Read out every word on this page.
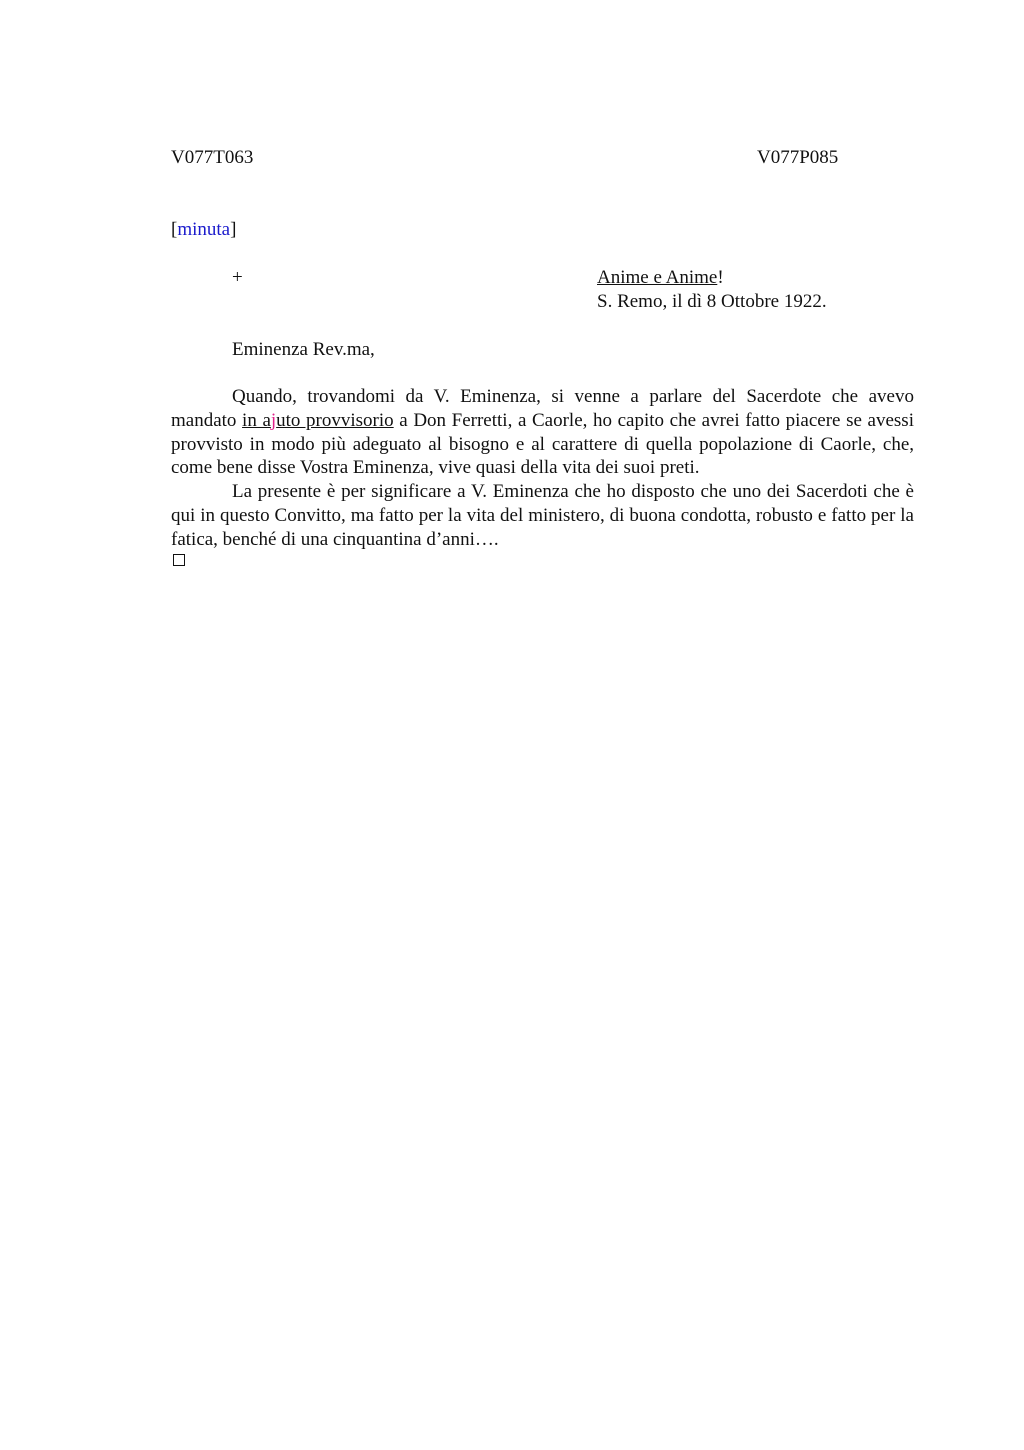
V077T063	V077P085
[minuta]
+	Anime e Anime!
S. Remo, il dì 8 Ottobre 1922.
Eminenza Rev.ma,

Quando, trovandomi da V. Eminenza, si venne a parlare del Sacerdote che avevo mandato in ajuto provvisorio a Don Ferretti, a Caorle, ho capito che avrei fatto piacere se avessi provvisto in modo più adeguato al bisogno e al carattere di quella popolazione di Caorle, che, come bene disse Vostra Eminenza, vive quasi della vita dei suoi preti.

La presente è per significare a V. Eminenza che ho disposto che uno dei Sacerdoti che è qui in questo Convitto, ma fatto per la vita del ministero, di buona condotta, robusto e fatto per la fatica, benché di una cinquantina d’anni….
